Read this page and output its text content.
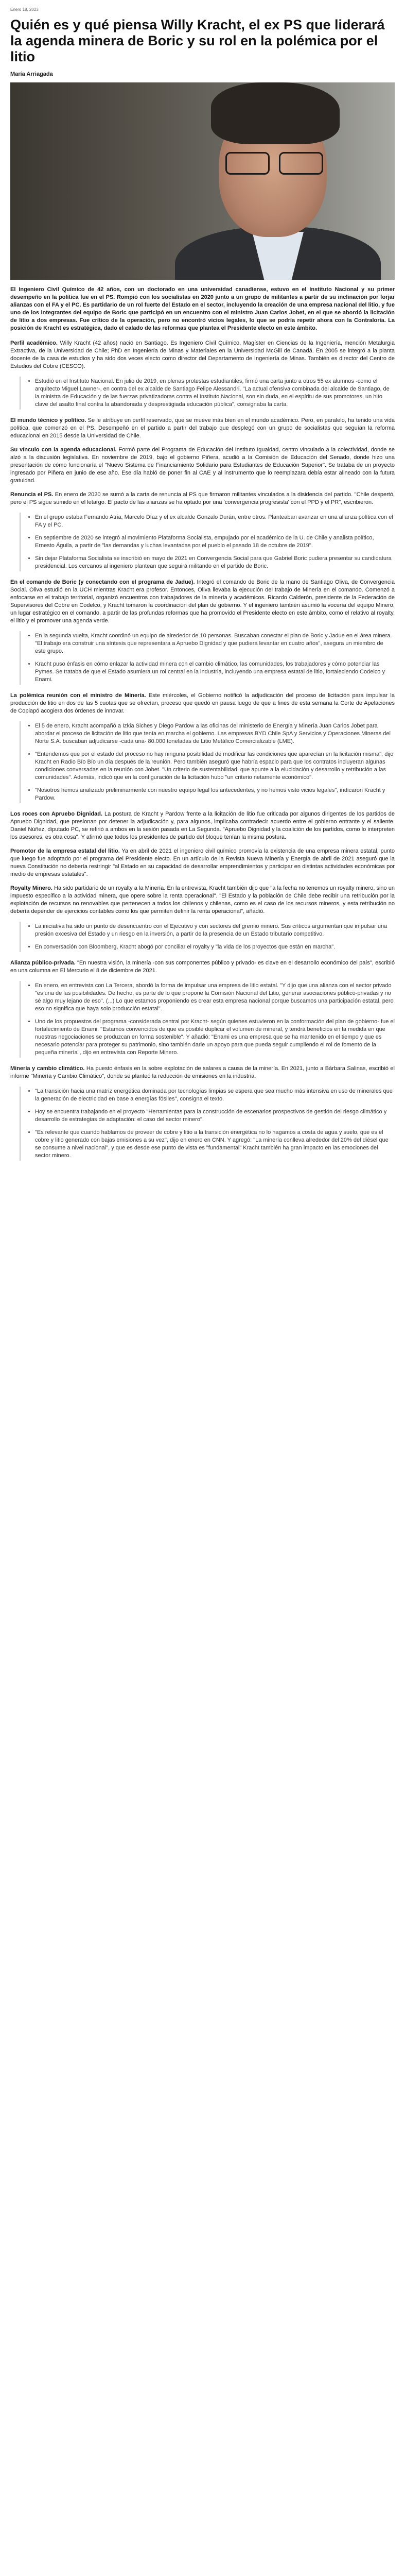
Enero 18, 2023

Quién es y qué piensa Willy Kracht, el ex PS que liderará la agenda minera de Boric y su rol en la polémica por el litio

María Arriagada

El Ingeniero Civil Químico de 42 años, con un doctorado en una universidad canadiense, estuvo en el Instituto Nacional y su primer desempeño en la política fue en el PS. Rompió con los socialistas en 2020 junto a un grupo de militantes a partir de su inclinación por forjar alianzas con el FA y el PC. Es partidario de un rol fuerte del Estado en el sector, incluyendo la creación de una empresa nacional del litio, y fue uno de los integrantes del equipo de Boric que participó en un encuentro con el ministro Juan Carlos Jobet, en el que se abordó la licitación de litio a dos empresas. Fue crítico de la operación, pero no encontró vicios legales, lo que se podría repetir ahora con la Contraloría. La posición de Kracht es estratégica, dado el calado de las reformas que plantea el Presidente electo en este ámbito.

Perfil académico. Willy Kracht (42 años) nació en Santiago. Es Ingeniero Civil Químico, Magíster en Ciencias de la Ingeniería, mención Metalurgia Extractiva, de la Universidad de Chile; PhD en Ingeniería de Minas y Materiales en la Universidad McGill de Canadá. En 2005 se integró a la planta docente de la casa de estudios y ha sido dos veces electo como director del Departamento de Ingeniería de Minas. También es director del Centro de Estudios del Cobre (CESCO).

• Estudió en el Instituto Nacional. En julio de 2019, en plenas protestas estudiantiles, firmó una carta junto a otros 55 ex alumnos -como el arquitecto Miguel Lawner-, en contra del ex alcalde de Santiago Felipe Alessandri. "La actual ofensiva combinada del alcalde de Santiago, de la ministra de Educación y de las fuerzas privatizadoras contra el Instituto Nacional, son sin duda, en el espíritu de sus promotores, un hito clave del asalto final contra la abandonada y desprestigiada educación pública", consignaba la carta.

El mundo técnico y político. Se le atribuye un perfil reservado, que se mueve más bien en el mundo académico. Pero, en paralelo, ha tenido una vida política, que comenzó en el PS. Desempeñó en el partido a partir del trabajo que desplegó con un grupo de socialistas que seguían la reforma educacional en 2015 desde la Universidad de Chile.

Su vínculo con la agenda educacional. Formó parte del Programa de Educación del Instituto Igualdad, centro vinculado a la colectividad, donde se alzó a la discusión legislativa. En noviembre de 2019, bajo el gobierno Piñera, acudió a la Comisión de Educación del Senado, donde hizo una presentación de cómo funcionaría el "Nuevo Sistema de Financiamiento Solidario para Estudiantes de Educación Superior". Se trataba de un proyecto ingresado por Piñera en junio de ese año. Ese día habló de poner fin al CAE y al instrumento que lo reemplazara debía estar alineado con la futura gratuidad.

Renuncia el PS. En enero de 2020 se sumó a la carta de renuncia al PS que firmaron militantes vinculados a la disidencia del partido. "Chile despertó, pero el PS sigue sumido en el letargo. El pacto de las alianzas se ha optado por una 'convergencia progresista' con el PPD y el PR", escribieron.

• En el grupo estaba Fernando Atria, Marcelo Díaz y el ex alcalde Gonzalo Durán, entre otros. Planteaban avanzar en una alianza política con el FA y el PC.
• En septiembre de 2020 se integró al movimiento Plataforma Socialista, empujado por el académico de la U. de Chile y analista político, Ernesto Águila, a partir de "las demandas y luchas levantadas por el pueblo el pasado 18 de octubre de 2019".
• Sin dejar Plataforma Socialista se inscribió en mayo de 2021 en Convergencia Social para que Gabriel Boric pudiera presentar su candidatura presidencial. Los cercanos al ingeniero plantean que seguirá militando en el partido de Boric.

En el comando de Boric (y conectando con el programa de Jadue). Integró el comando de Boric de la mano de Santiago Oliva, de Convergencia Social. Oliva estudió en la UCH mientras Kracht era profesor. Entonces, Oliva llevaba la ejecución del trabajo de Minería en el comando. Comenzó a enfocarse en el trabajo territorial, organizó encuentros con trabajadores de la minería y académicos. Ricardo Calderón, presidente de la Federación de Supervisores del Cobre en Codelco, y Kracht tomaron la coordinación del plan de gobierno. Y el ingeniero también asumió la vocería del equipo Minero, un lugar estratégico en el comando, a partir de las profundas reformas que ha promovido el Presidente electo en este ámbito, como el relativo al royalty, el litio y el promover una agenda verde.

• En la segunda vuelta, Kracht coordinó un equipo de alrededor de 10 personas. Buscaban conectar el plan de Boric y Jadue en el área minera. "El trabajo era construir una síntesis que representara a Apruebo Dignidad y que pudiera levantar en cuatro años", asegura un miembro de este grupo.
• Kracht puso énfasis en cómo enlazar la actividad minera con el cambio climático, las comunidades, los trabajadores y cómo potenciar las Pymes. Se trataba de que el Estado asumiera un rol central en la industria, incluyendo una empresa estatal de litio, fortaleciendo Codelco y Enami.

La polémica reunión con el ministro de Minería. Este miércoles, el Gobierno notificó la adjudicación del proceso de licitación para impulsar la producción de litio en dos de las 5 cuotas que se ofrecían, proceso que quedó en pausa luego de que a fines de esta semana la Corte de Apelaciones de Copiapó acogiera dos órdenes de innovar.

• El 5 de enero, Kracht acompañó a Izkia Siches y Diego Pardow a las oficinas del ministerio de Energía y Minería Juan Carlos Jobet para abordar el proceso de licitación de litio que tenía en marcha el gobierno. Las empresas BYD Chile SpA y Servicios y Operaciones Mineras del Norte S.A. buscaban adjudicarse -cada una- 80.000 toneladas de Litio Metálico Comercializable (LME).
• "Entendemos que por el estado del proceso no hay ninguna posibilidad de modificar las condiciones que aparecían en la licitación misma", dijo Kracht en Radio Bío Bío un día después de la reunión. Pero también aseguró que habría espacio para que los contratos incluyeran algunas condiciones conversadas en la reunión con Jobet. "Un criterio de sustentabilidad, que apunte a la elucidación y desarrollo y retribución a las comunidades". Además, indicó que en la configuración de la licitación hubo "un criterio netamente económico".
• "Nosotros hemos analizado preliminarmente con nuestro equipo legal los antecedentes, y no hemos visto vicios legales", indicaron Kracht y Pardow.

Los roces con Apruebo Dignidad. La postura de Kracht y Pardow frente a la licitación de litio fue criticada por algunos dirigentes de los partidos de Apruebo Dignidad, que presionan por detener la adjudicación y, para algunos, implicaba contradecir acuerdo entre el gobierno entrante y el saliente. Daniel Núñez, diputado PC, se refirió a ambos en la sesión pasada en La Segunda. "Apruebo Dignidad y la coalición de los partidos, como lo interpreten los asesores, es otra cosa". Y afirmó que todos los presidentes de partido del bloque tenían la misma postura.

Promotor de la empresa estatal del litio. Ya en abril de 2021 el ingeniero civil químico promovía la existencia de una empresa minera estatal, punto que luego fue adoptado por el programa del Presidente electo. En un artículo de la Revista Nueva Minería y Energía de abril de 2021 aseguró que la nueva Constitución no debería restringir "al Estado en su capacidad de desarrollar emprendimientos y participar en distintas actividades económicas por medio de empresas estatales".

Royalty Minero. Ha sido partidario de un royalty a la Minería. En la entrevista, Kracht también dijo que "a la fecha no tenemos un royalty minero, sino un impuesto específico a la actividad minera, que opere sobre la renta operacional". "El Estado y la población de Chile debe recibir una retribución por la explotación de recursos no renovables que pertenecen a todos los chilenos y chilenas, como es el caso de los recursos mineros, y esta retribución no debería depender de ejercicios contables como los que permiten definir la renta operacional", añadió.

• La iniciativa ha sido un punto de desencuentro con el Ejecutivo y con sectores del gremio minero. Sus críticos argumentan que impulsar una presión excesiva del Estado y un riesgo en la inversión, a partir de la presencia de un Estado tributario competitivo.
• En conversación con Bloomberg, Kracht abogó por conciliar el royalty y "la vida de los proyectos que están en marcha".

Alianza público-privada. "En nuestra visión, la minería -con sus componentes público y privado- es clave en el desarrollo económico del país", escribió en una columna en El Mercurio el 8 de diciembre de 2021.

• En enero, en entrevista con La Tercera, abordó la forma de impulsar una empresa de litio estatal. "Y dijo que una alianza con el sector privado "es una de las posibilidades. De hecho, es parte de lo que propone la Comisión Nacional del Litio, generar asociaciones público-privadas y no sé algo muy lejano de eso". (...) Lo que estamos proponiendo es crear esta empresa nacional porque buscamos una participación estatal, pero eso no significa que haya solo producción estatal".
• Uno de los propuestos del programa -considerada central por Kracht- según quienes estuvieron en la conformación del plan de gobierno- fue el fortalecimiento de Enami. "Estamos convencidos de que es posible duplicar el volumen de mineral, y tendrá beneficios en la medida en que nuestras negociaciones se produzcan en forma sostenible". Y añadió: "Enami es una empresa que se ha mantenido en el tiempo y que es necesario potenciar para proteger su patrimonio, sino también darle un apoyo para que pueda seguir cumpliendo el rol de fomento de la pequeña minería", dijo en entrevista con Reporte Minero.

Minería y cambio climático. Ha puesto énfasis en la sobre explotación de salares a causa de la minería. En 2021, junto a Bárbara Salinas, escribió el informe "Minería y Cambio Climático", donde se planteó la reducción de emisiones en la industria.

• "La transición hacia una matriz energética dominada por tecnologías limpias se espera que sea mucho más intensiva en uso de minerales que la generación de electricidad en base a energías fósiles", consigna el texto.
• Hoy se encuentra trabajando en el proyecto "Herramientas para la construcción de escenarios prospectivos de gestión del riesgo climático y desarrollo de estrategias de adaptación: el caso del sector minero".
• "Es relevante que cuando hablamos de proveer de cobre y litio a la transición energética no lo hagamos a costa de agua y suelo, que es el cobre y litio generado con bajas emisiones a su vez", dijo en enero en CNN. Y agregó: "La minería conlleva alrededor del 20% del diésel que se consume a nivel nacional", y que es desde ese punto de vista es "fundamental" Kracht también ha gran impacto en las emociones del sector minero.
